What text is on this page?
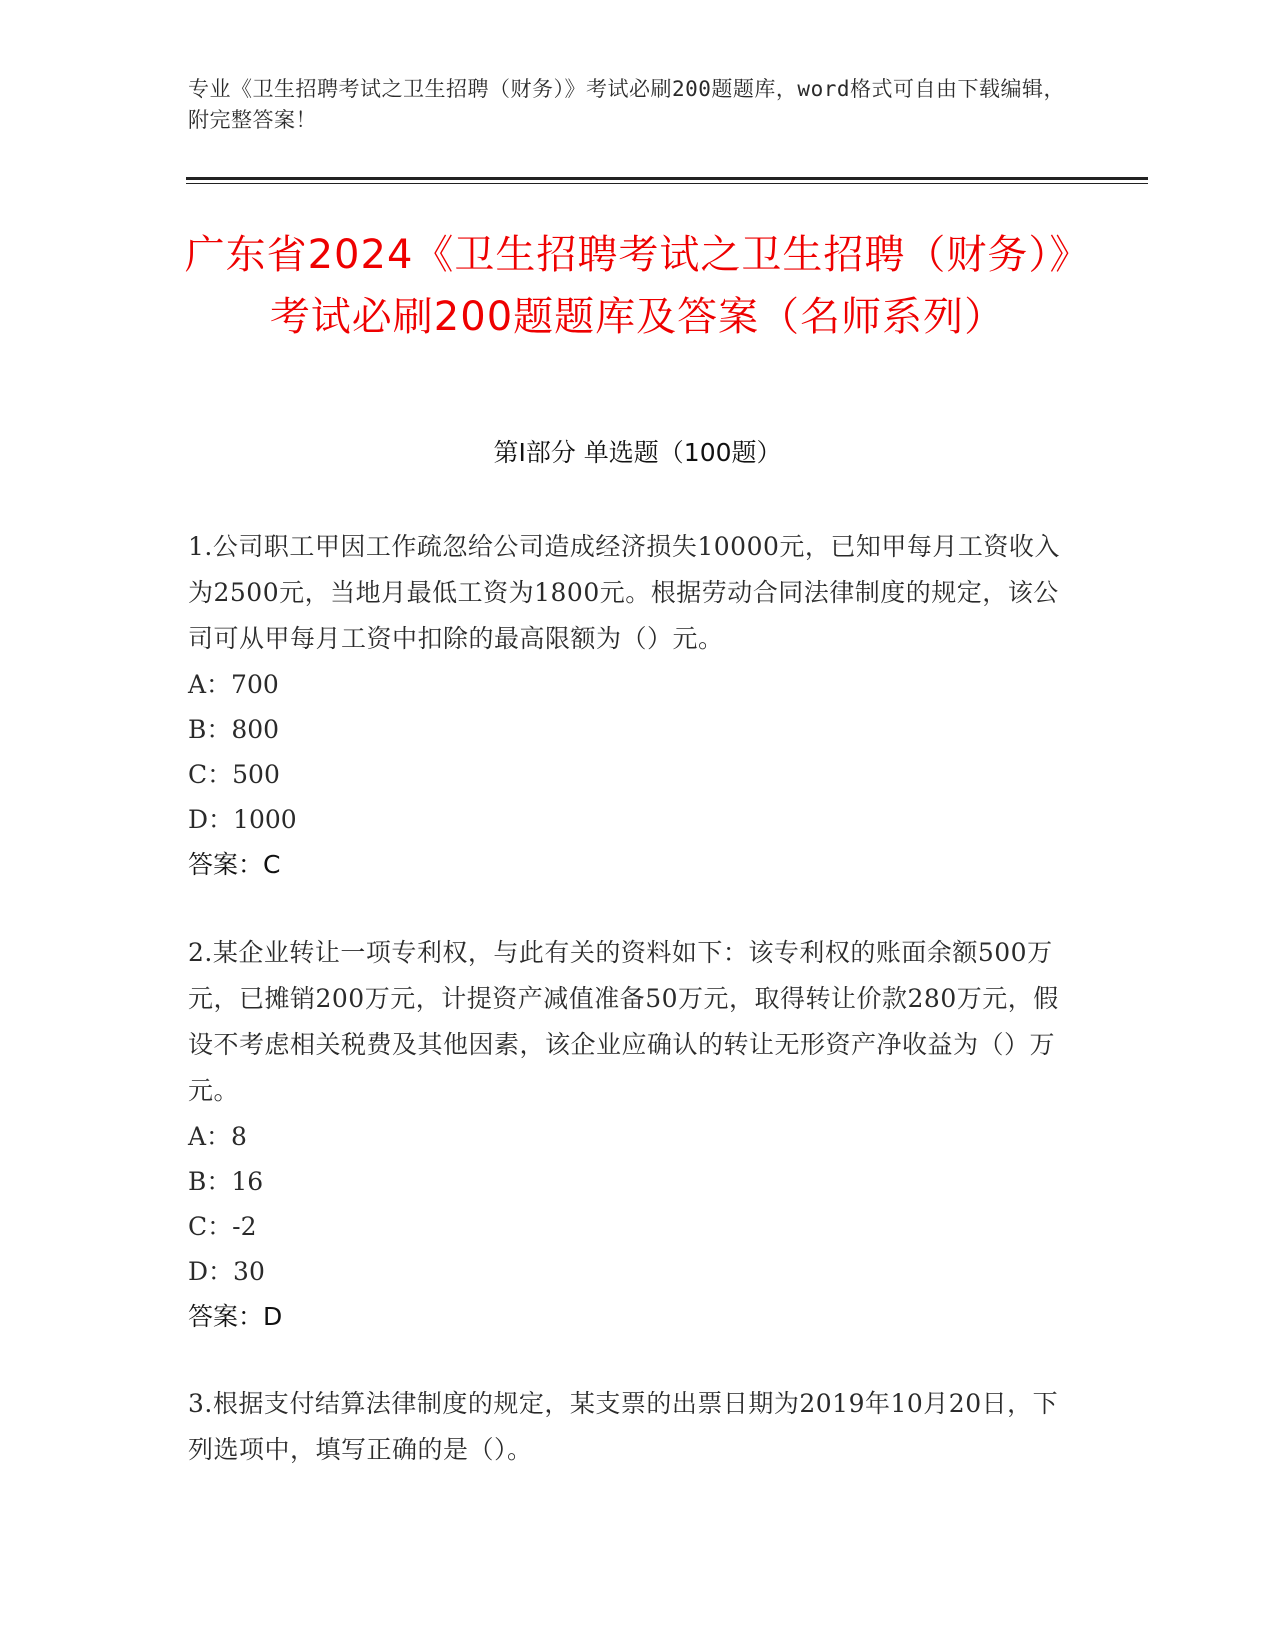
专业《卫生招聘考试之卫生招聘（财务）》考试必刷200题题库，word格式可自由下载编辑，附完整答案！
广东省2024《卫生招聘考试之卫生招聘（财务）》考试必刷200题题库及答案（名师系列）
第I部分 单选题（100题）
1.公司职工甲因工作疏忽给公司造成经济损失10000元，已知甲每月工资收入为2500元，当地月最低工资为1800元。根据劳动合同法律制度的规定，该公司可从甲每月工资中扣除的最高限额为（）元。
A：700
B：800
C：500
D：1000
答案：C
2.某企业转让一项专利权，与此有关的资料如下：该专利权的账面余额500万元，已摊销200万元，计提资产减值准备50万元，取得转让价款280万元，假设不考虑相关税费及其他因素，该企业应确认的转让无形资产净收益为（）万元。
A：8
B：16
C：-2
D：30
答案：D
3.根据支付结算法律制度的规定，某支票的出票日期为2019年10月20日，下列选项中，填写正确的是（）。
